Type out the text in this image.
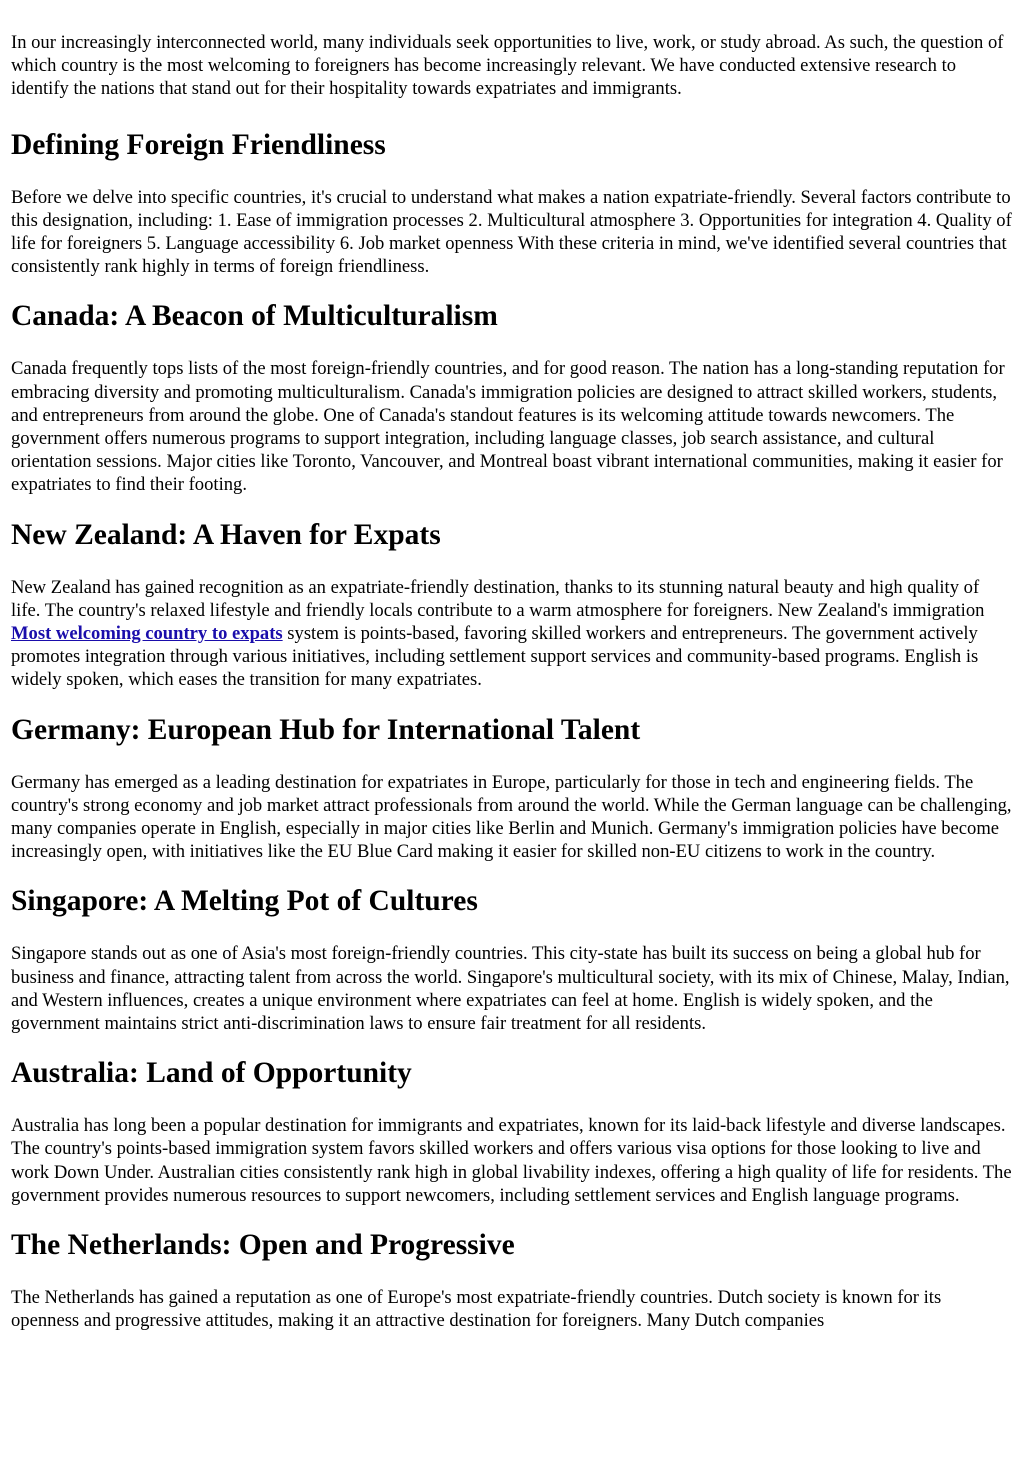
In our increasingly interconnected world, many individuals seek opportunities to live, work, or study abroad. As such, the question of which country is the most welcoming to foreigners has become increasingly relevant. We have conducted extensive research to identify the nations that stand out for their hospitality towards expatriates and immigrants.

Defining Foreign Friendliness

Before we delve into specific countries, it's crucial to understand what makes a nation expatriate-friendly. Several factors contribute to this designation, including: 1. Ease of immigration processes 2. Multicultural atmosphere 3. Opportunities for integration 4. Quality of life for foreigners 5. Language accessibility 6. Job market openness With these criteria in mind, we've identified several countries that consistently rank highly in terms of foreign friendliness.

Canada: A Beacon of Multiculturalism

Canada frequently tops lists of the most foreign-friendly countries, and for good reason. The nation has a long-standing reputation for embracing diversity and promoting multiculturalism. Canada's immigration policies are designed to attract skilled workers, students, and entrepreneurs from around the globe. One of Canada's standout features is its welcoming attitude towards newcomers. The government offers numerous programs to support integration, including language classes, job search assistance, and cultural orientation sessions. Major cities like Toronto, Vancouver, and Montreal boast vibrant international communities, making it easier for expatriates to find their footing.

New Zealand: A Haven for Expats

New Zealand has gained recognition as an expatriate-friendly destination, thanks to its stunning natural beauty and high quality of life. The country's relaxed lifestyle and friendly locals contribute to a warm atmosphere for foreigners. New Zealand's immigration Most welcoming country to expats system is points-based, favoring skilled workers and entrepreneurs. The government actively promotes integration through various initiatives, including settlement support services and community-based programs. English is widely spoken, which eases the transition for many expatriates.

Germany: European Hub for International Talent

Germany has emerged as a leading destination for expatriates in Europe, particularly for those in tech and engineering fields. The country's strong economy and job market attract professionals from around the world. While the German language can be challenging, many companies operate in English, especially in major cities like Berlin and Munich. Germany's immigration policies have become increasingly open, with initiatives like the EU Blue Card making it easier for skilled non-EU citizens to work in the country.

Singapore: A Melting Pot of Cultures

Singapore stands out as one of Asia's most foreign-friendly countries. This city-state has built its success on being a global hub for business and finance, attracting talent from across the world. Singapore's multicultural society, with its mix of Chinese, Malay, Indian, and Western influences, creates a unique environment where expatriates can feel at home. English is widely spoken, and the government maintains strict anti-discrimination laws to ensure fair treatment for all residents.

Australia: Land of Opportunity

Australia has long been a popular destination for immigrants and expatriates, known for its laid-back lifestyle and diverse landscapes. The country's points-based immigration system favors skilled workers and offers various visa options for those looking to live and work Down Under. Australian cities consistently rank high in global livability indexes, offering a high quality of life for residents. The government provides numerous resources to support newcomers, including settlement services and English language programs.

The Netherlands: Open and Progressive

The Netherlands has gained a reputation as one of Europe's most expatriate-friendly countries. Dutch society is known for its openness and progressive attitudes, making it an attractive destination for foreigners. Many Dutch companies
